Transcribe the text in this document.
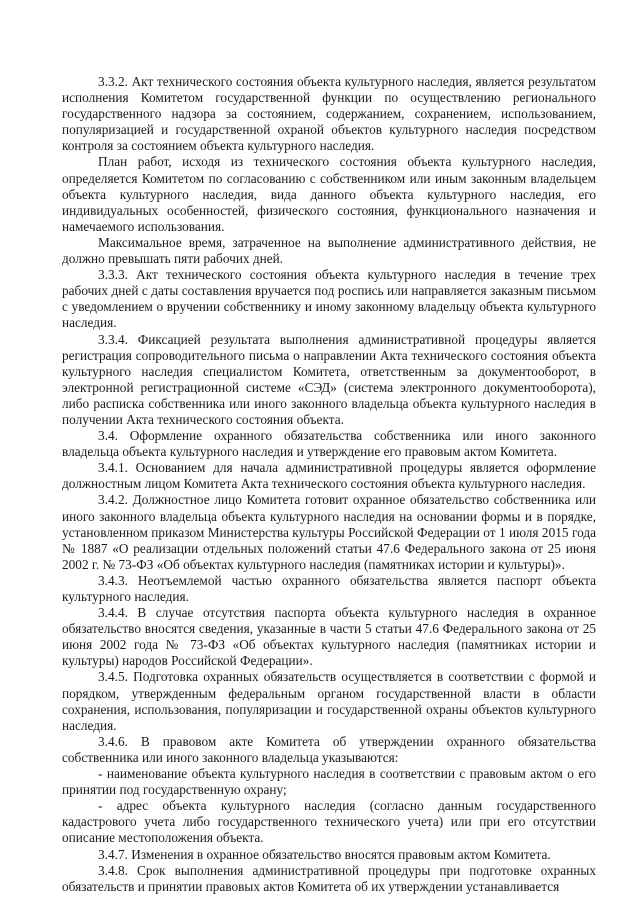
3.3.2. Акт технического состояния объекта культурного наследия, является результатом исполнения Комитетом государственной функции по осуществлению регионального государственного надзора за состоянием, содержанием, сохранением, использованием, популяризацией и государственной охраной объектов культурного наследия посредством контроля за состоянием объекта культурного наследия.

План работ, исходя из технического состояния объекта культурного наследия, определяется Комитетом по согласованию с собственником или иным законным владельцем объекта культурного наследия, вида данного объекта культурного наследия, его индивидуальных особенностей, физического состояния, функционального назначения и намечаемого использования.

Максимальное время, затраченное на выполнение административного действия, не должно превышать пяти рабочих дней.

3.3.3. Акт технического состояния объекта культурного наследия в течение трех рабочих дней с даты составления вручается под роспись или направляется заказным письмом с уведомлением о вручении собственнику и иному законному владельцу объекта культурного наследия.

3.3.4. Фиксацией результата выполнения административной процедуры является регистрация сопроводительного письма о направлении Акта технического состояния объекта культурного наследия специалистом Комитета, ответственным за документооборот, в электронной регистрационной системе «СЭД» (система электронного документооборота), либо расписка собственника или иного законного владельца объекта культурного наследия в получении Акта технического состояния объекта.

3.4. Оформление охранного обязательства собственника или иного законного владельца объекта культурного наследия и утверждение его правовым актом Комитета.

3.4.1. Основанием для начала административной процедуры является оформление должностным лицом Комитета Акта технического состояния объекта культурного наследия.

3.4.2. Должностное лицо Комитета готовит охранное обязательство собственника или иного законного владельца объекта культурного наследия на основании формы и в порядке, установленном приказом Министерства культуры Российской Федерации от 1 июля 2015 года № 1887 «О реализации отдельных положений статьи 47.6 Федерального закона от 25 июня 2002 г. № 73-ФЗ «Об объектах культурного наследия (памятниках истории и культуры)».

3.4.3. Неотъемлемой частью охранного обязательства является паспорт объекта культурного наследия.

3.4.4. В случае отсутствия паспорта объекта культурного наследия в охранное обязательство вносятся сведения, указанные в части 5 статьи 47.6 Федерального закона от 25 июня 2002 года № 73-ФЗ «Об объектах культурного наследия (памятниках истории и культуры) народов Российской Федерации».

3.4.5. Подготовка охранных обязательств осуществляется в соответствии с формой и порядком, утвержденным федеральным органом государственной власти в области сохранения, использования, популяризации и государственной охраны объектов культурного наследия.

3.4.6. В правовом акте Комитета об утверждении охранного обязательства собственника или иного законного владельца указываются:

- наименование объекта культурного наследия в соответствии с правовым актом о его принятии под государственную охрану;

- адрес объекта культурного наследия (согласно данным государственного кадастрового учета либо государственного технического учета) или при его отсутствии описание местоположения объекта.

3.4.7. Изменения в охранное обязательство вносятся правовым актом Комитета.

3.4.8. Срок выполнения административной процедуры при подготовке охранных обязательств и принятии правовых актов Комитета об их утверждении устанавливается
